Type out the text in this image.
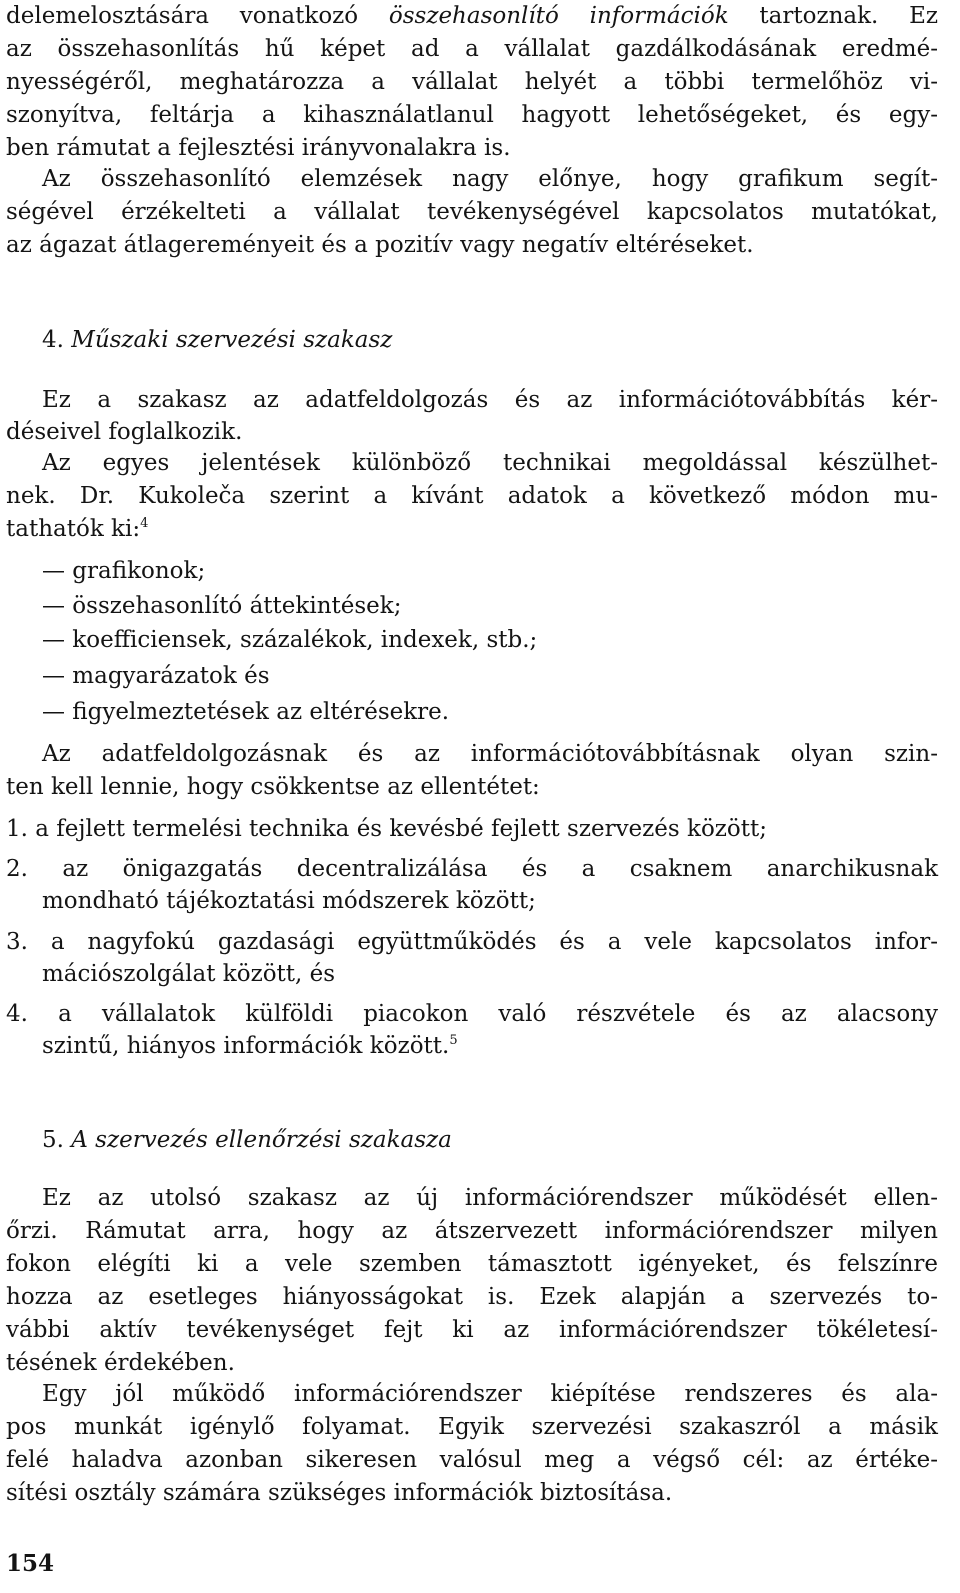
delemelosztására vonatkozó összehasonlító információk tartoznak. Ez
az összehasonlítás hű képet ad a vállalat gazdálkodásának eredmé-
nyességéről, meghatározza a vállalat helyét a többi termelőhöz vi-
szonyítva, feltárja a kihasználatlanul hagyott lehetőségeket, és egy-
ben rámutat a fejlesztési irányvonalakra is.
Az összehasonlító elemzések nagy előnye, hogy grafikum segít-
ségével érzékelteti a vállalat tevékenységével kapcsolatos mutatókat,
az ágazat átlagereményeit és a pozitív vagy negatív eltéréseket.
4. Műszaki szervezési szakasz
Ez a szakasz az adatfeldolgozás és az információtovábbítás kér-
déseivel foglalkozik.
Az egyes jelentések különböző technikai megoldással készülhet-
nek. Dr. Kukoleča szerint a kívánt adatok a következő módon mu-
tathatók ki:$^4$
— grafikonok;
— összehasonlító áttekintések;
— koefficiensek, százalékok, indexek, stb.;
— magyarázatok és
— figyelmeztetések az eltérésekre.
Az adatfeldolgozásnak és az információtovábbításnak olyan szin-
ten kell lennie, hogy csökkentse az ellentétet:
1. a fejlett termelési technika és kevésbé fejlett szervezés között;
2. az önigazgatás decentralizálása és a csaknem anarchikusnak
mondható tájékoztatási módszerek között;
3. a nagyfokú gazdasági együttműködés és a vele kapcsolatos infor-
mációszolgálat között, és
4. a vállalatok külföldi piacokon való részvétele és az alacsony
szintű, hiányos információk között.$^5$
5. A szervezés ellenőrzési szakasza
Ez az utolsó szakasz az új információrendszer működését ellen-
őrzi. Rámutat arra, hogy az átszervezett információrendszer milyen
fokon elégíti ki a vele szemben támasztott igényeket, és felszínre
hozza az esetleges hiányosságokat is. Ezek alapján a szervezés to-
vábbi aktív tevékenységet fejt ki az információrendszer tökéletesí-
tésének érdekében.
Egy jól működő információrendszer kiépítése rendszeres és ala-
pos munkát igénylő folyamat. Egyik szervezési szakaszról a másik
felé haladva azonban sikeresen valósul meg a végső cél: az értéke-
sítési osztály számára szükséges információk biztosítása.
154
